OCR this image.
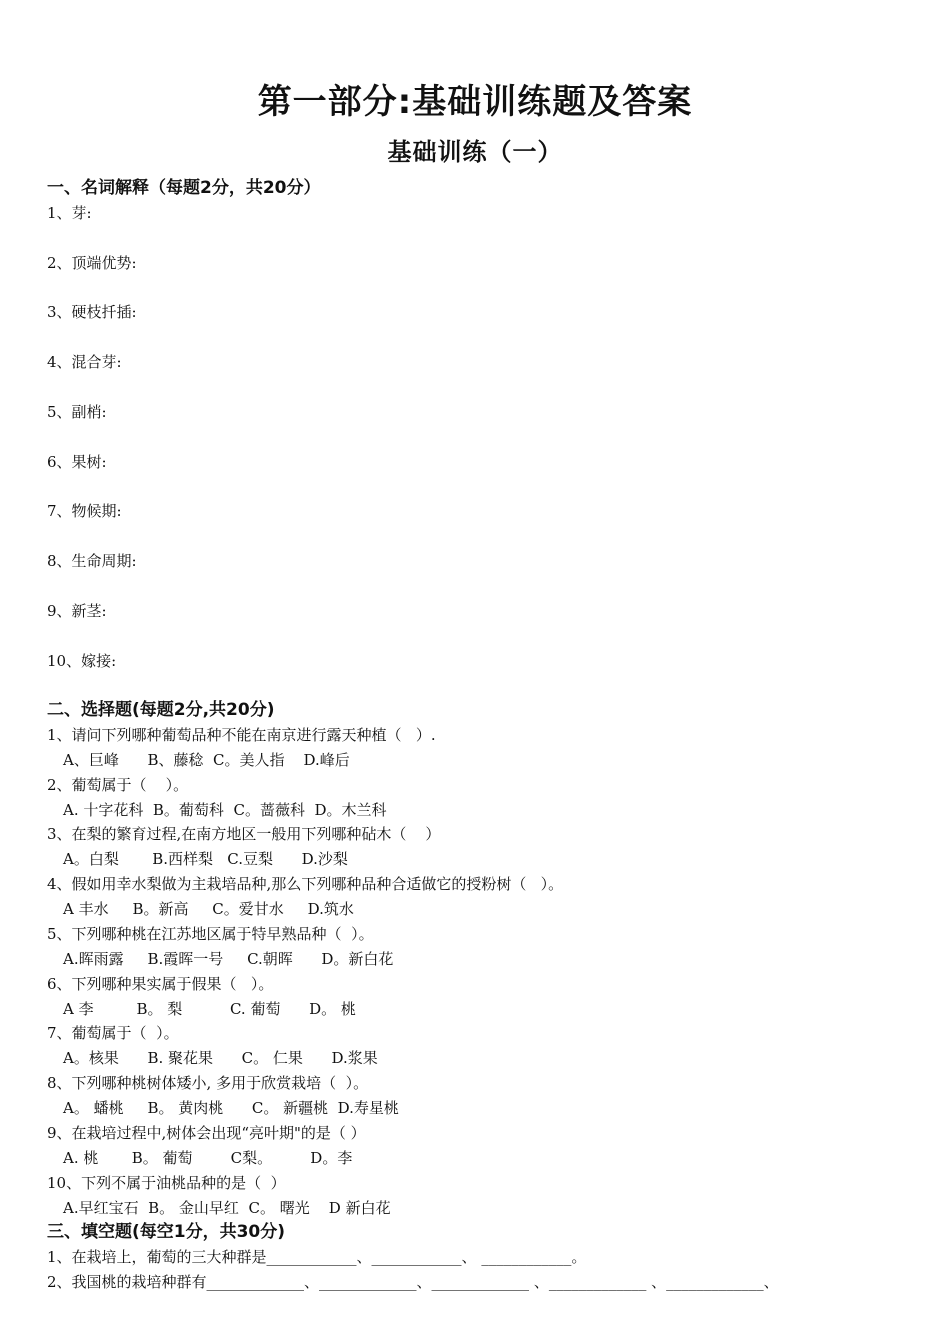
第一部分:基础训练题及答案
基础训练（一）
一、名词解释（每题2分，共20分）
1、芽:
2、顶端优势:
3、硬枝扦插:
4、混合芽:
5、副梢:
6、果树:
7、物候期:
8、生命周期:
9、新茎:
10、嫁接:
二、选择题(每题2分,共20分)
1、请问下列哪种葡萄品种不能在南京进行露天种植（   ）.
A、巨峰      B、藤稔  C。美人指    D.峰后
2、葡萄属于（    ）。
A. 十字花科  B。葡萄科  C。蔷薇科  D。木兰科
3、在梨的繁育过程,在南方地区一般用下列哪种砧木（    ）
A。白梨       B.西样梨   C.豆梨      D.沙梨
4、假如用幸水梨做为主栽培品种,那么下列哪种品种合适做它的授粉树（   ）。
A 丰水     B。新高     C。爱甘水     D.筑水
5、下列哪种桃在江苏地区属于特早熟品种（  ）。
A.晖雨露     B.霞晖一号     C.朝晖      D。新白花
6、下列哪种果实属于假果（   ）。
A 李         B。 梨          C. 葡萄      D。 桃
7、葡萄属于（  ）。
A。核果      B. 聚花果      C。 仁果      D.浆果
8、下列哪种桃树体矮小, 多用于欣赏栽培（  ）。
A。 蟠桃     B。 黄肉桃      C。 新疆桃  D.寿星桃
9、在栽培过程中,树体会出现“亮叶期"的是（ ）
A. 桃       B。 葡萄        C梨。        D。李
10、下列不属于油桃品种的是（  ）
A.早红宝石  B。 金山早红  C。 曙光    D 新白花
三、填空题(每空1分，共30分)
1、在栽培上，葡萄的三大种群是____________、____________、 ____________。
2、我国桃的栽培种群有_____________、_____________、_____________ 、_____________ 、_____________、
